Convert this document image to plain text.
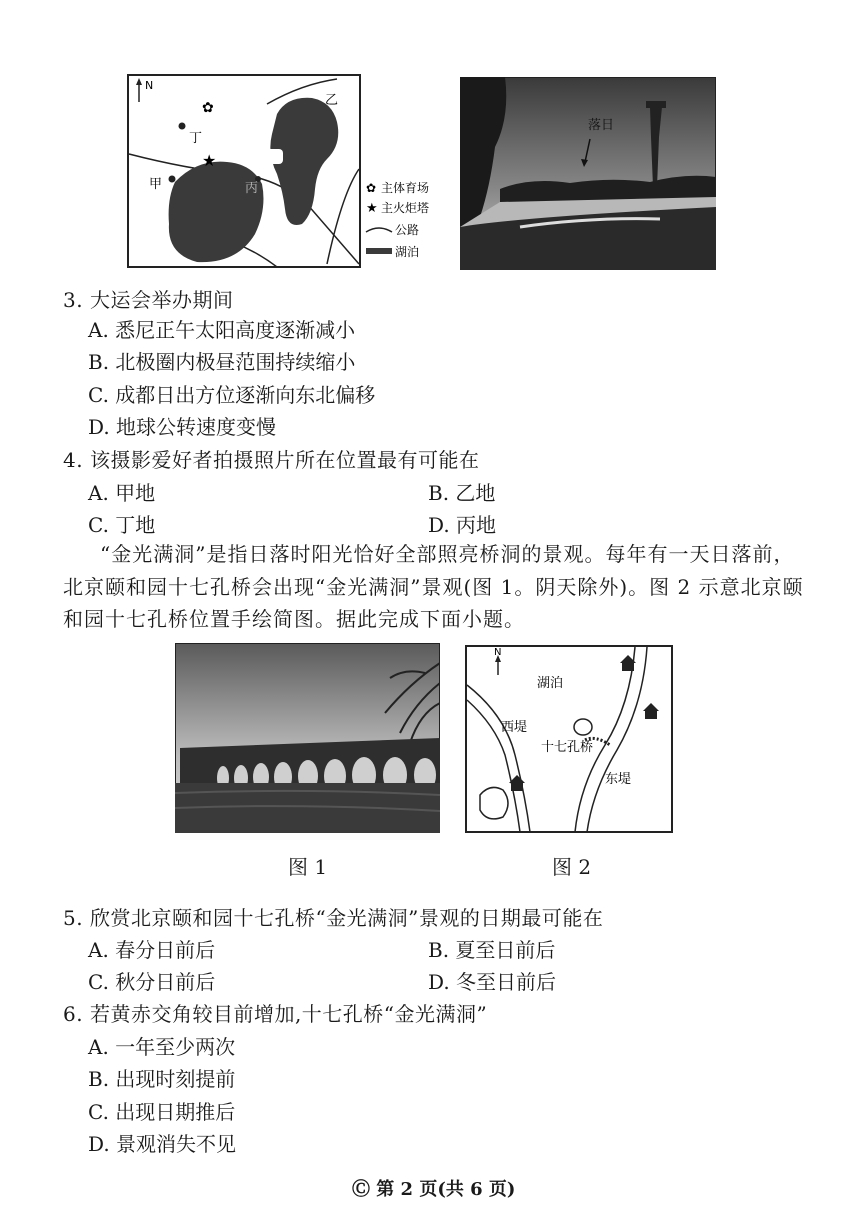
N
✿
丁
★
甲	丙
乙
✿ 主体育场
★ 主火炬塔
公路
湖泊
落日
3. 大运会举办期间
A. 悉尼正午太阳高度逐渐减小
B. 北极圈内极昼范围持续缩小
C. 成都日出方位逐渐向东北偏移
D. 地球公转速度变慢
4. 该摄影爱好者拍摄照片所在位置最有可能在
A. 甲地	B. 乙地
C. 丁地	D. 丙地
“金光满洞”是指日落时阳光恰好全部照亮桥洞的景观。每年有一天日落前，
北京颐和园十七孔桥会出现“金光满洞”景观(图 1。阴天除外)。图 2 示意北京颐
和园十七孔桥位置手绘简图。据此完成下面小题。
N
湖泊
西堤
十七孔桥
东堤
图 1	图 2
5. 欣赏北京颐和园十七孔桥“金光满洞”景观的日期最可能在
A. 春分日前后	B. 夏至日前后
C. 秋分日前后	D. 冬至日前后
6. 若黄赤交角较目前增加,十七孔桥“金光满洞”
A. 一年至少两次
B. 出现时刻提前
C. 出现日期推后
D. 景观消失不见
Ⓒ 第 2 页(共 6 页)
